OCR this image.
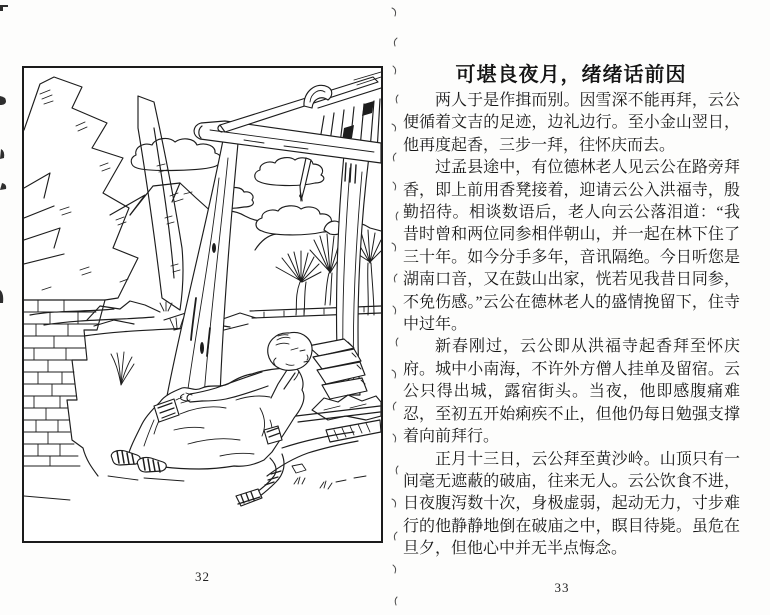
32
可堪良夜月，绪绪话前因

两人于是作揖而别。因雪深不能再拜，云公便循着文吉的足迹，边礼边行。至小金山翌日，他再度起香，三步一拜，往怀庆而去。

过孟县途中，有位德林老人见云公在路旁拜香，即上前用香凳接着，迎请云公入洪福寺，殷勤招待。相谈数语后，老人向云公落泪道：“我昔时曾和两位同参相伴朝山，并一起在林下住了三十年。如今分手多年，音讯隔绝。今日听您是湖南口音，又在鼓山出家，恍若见我昔日同参，不免伤感。”云公在德林老人的盛情挽留下，住寺中过年。

新春刚过，云公即从洪福寺起香拜至怀庆府。城中小南海，不许外方僧人挂单及留宿。云公只得出城，露宿街头。当夜，他即感腹痛难忍，至初五开始痢疾不止，但他仍每日勉强支撑着向前拜行。

正月十三日，云公拜至黄沙岭。山顶只有一间毫无遮蔽的破庙，往来无人。云公饮食不进，日夜腹泻数十次，身极虚弱，起动无力，寸步难行的他静静地倒在破庙之中，瞑目待毙。虽危在旦夕，但他心中并无半点悔念。

33
